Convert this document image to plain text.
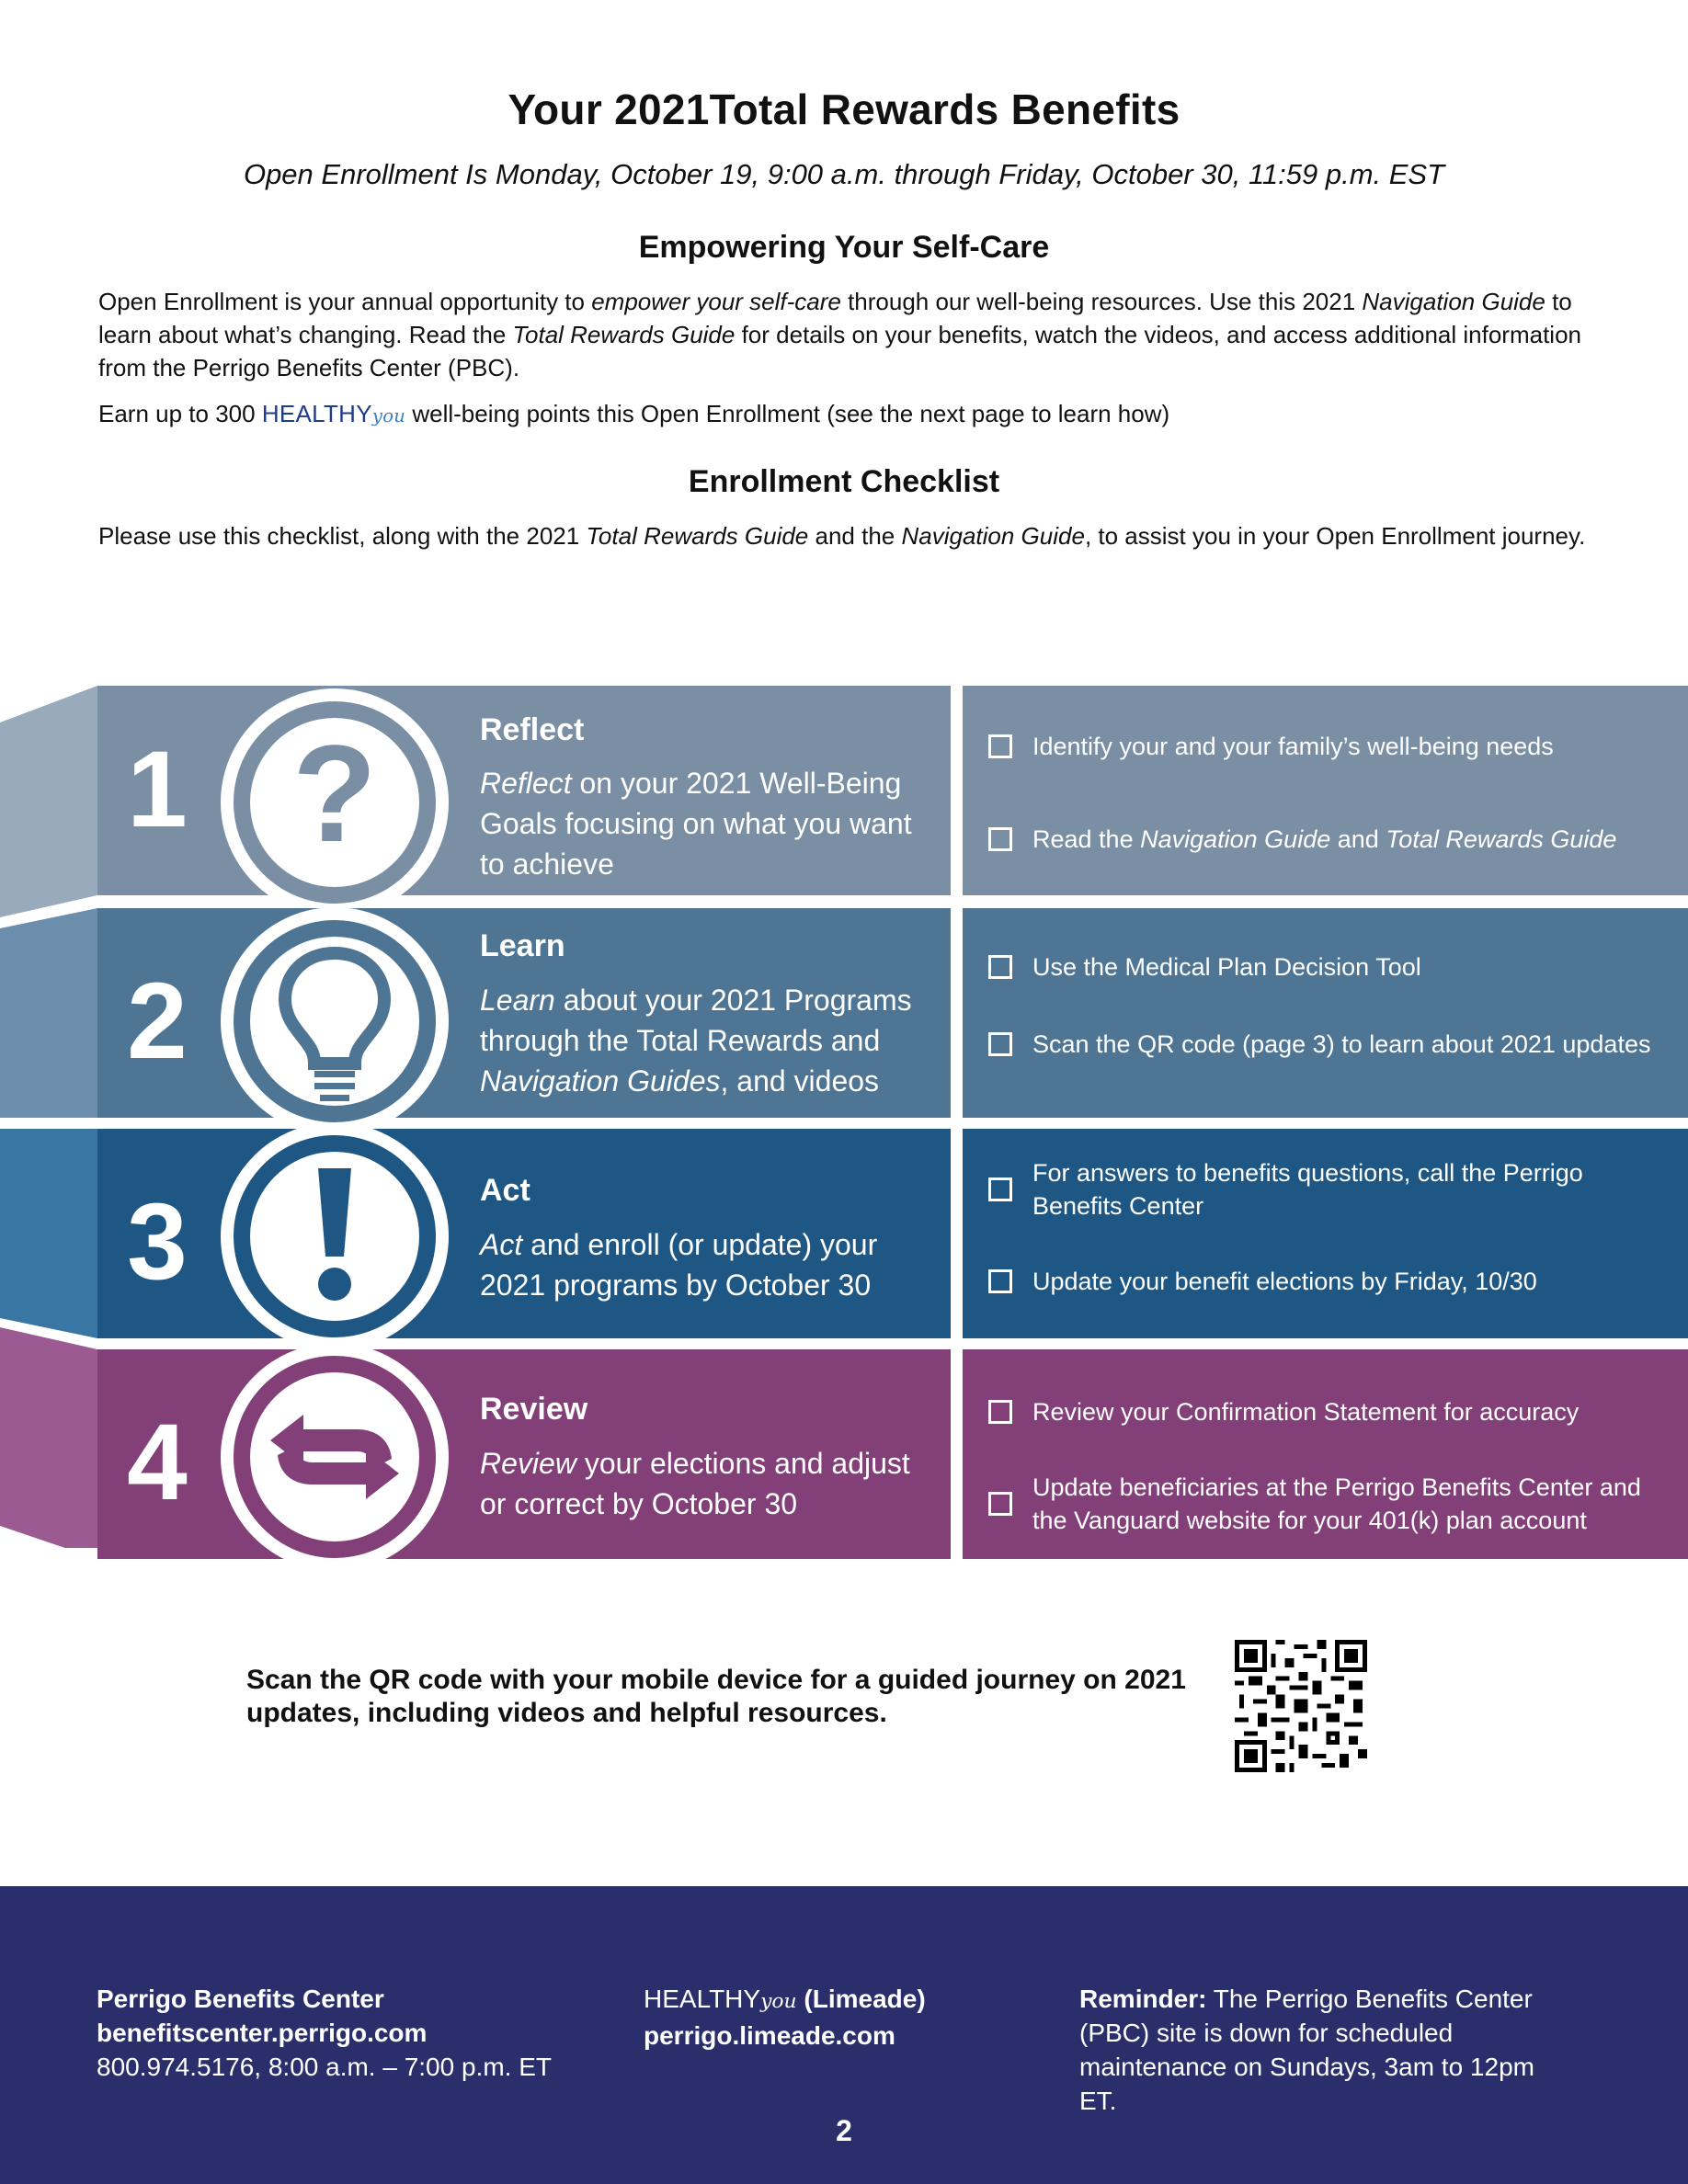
Your 2021Total Rewards Benefits

Open Enrollment Is Monday, October 19, 9:00 a.m. through Friday, October 30, 11:59 p.m. EST

Empowering Your Self-Care

Open Enrollment is your annual opportunity to empower your self-care through our well-being resources. Use this 2021 Navigation Guide to learn about what’s changing. Read the Total Rewards Guide for details on your benefits, watch the videos, and access additional information from the Perrigo Benefits Center (PBC).

Earn up to 300 HEALTHYyou well-being points this Open Enrollment (see the next page to learn how)

Enrollment Checklist

Please use this checklist, along with the 2021 Total Rewards Guide and the Navigation Guide, to assist you in your Open Enrollment journey.

1 ?	Reflect
Reflect on your 2021 Well-Being Goals focusing on what you want to achieve
Identify your and your family’s well-being needs
Read the Navigation Guide and Total Rewards Guide
2
Learn
Learn about your 2021 Programs through the Total Rewards and Navigation Guides, and videos
Use the Medical Plan Decision Tool
Scan the QR code (page 3) to learn about 2021 updates
3	Act
Act and enroll (or update) your 2021 programs by October 30
For answers to benefits questions, call the Perrigo Benefits Center
Update your benefit elections by Friday, 10/30
4	Review
Review your elections and adjust or correct by October 30
Review your Confirmation Statement for accuracy
Update beneficiaries at the Perrigo Benefits Center and the Vanguard website for your 401(k) plan account

Scan the QR code with your mobile device for a guided journey on 2021 updates, including videos and helpful resources.

Perrigo Benefits Center
benefitscenter.perrigo.com
800.974.5176, 8:00 a.m. – 7:00 p.m. ET
HEALTHYyou (Limeade)
perrigo.limeade.com
Reminder: The Perrigo Benefits Center (PBC) site is down for scheduled maintenance on Sundays, 3am to 12pm ET.
2
